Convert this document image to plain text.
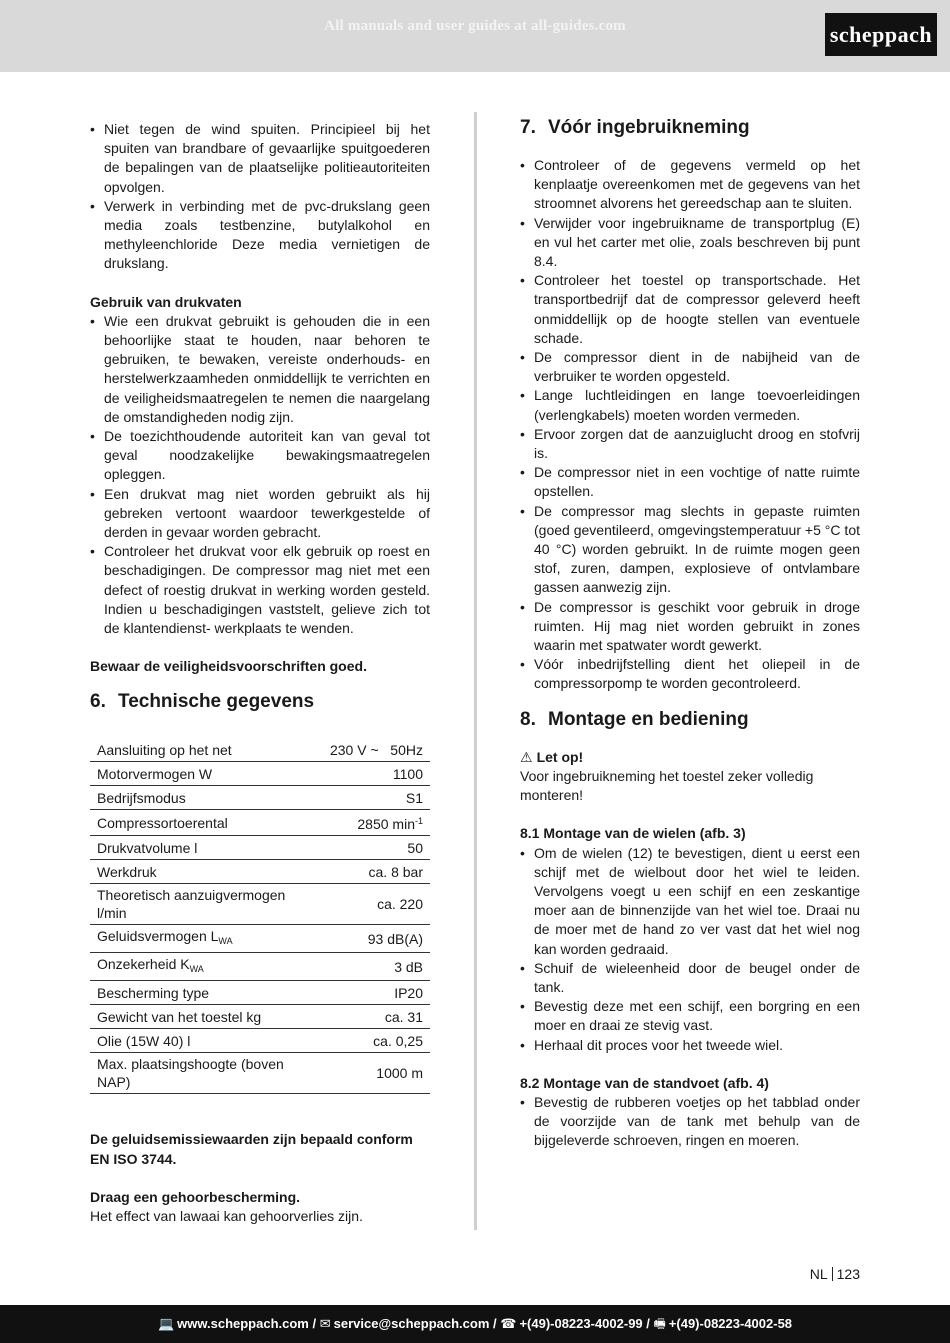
All manuals and user guides at all-guides.com	scheppach
• Niet tegen de wind spuiten. Principieel bij het spuiten van brandbare of gevaarlijke spuitgoederen de bepalingen van de plaatselijke politieautoriteiten opvolgen.
• Verwerk in verbinding met de pvc-drukslang geen media zoals testbenzine, butylalkohol en methyleenchloride Deze media vernietigen de drukslang.

Gebruik van drukvaten

• Wie een drukvat gebruikt is gehouden die in een behoorlijke staat te houden, naar behoren te gebruiken, te bewaken, vereiste onderhouds- en herstelwerkzaamheden onmiddellijk te verrichten en de veiligheidsmaatregelen te nemen die naargelang de omstandigheden nodig zijn.
• De toezichthoudende autoriteit kan van geval tot geval noodzakelijke bewakingsmaatregelen opleggen.
• Een drukvat mag niet worden gebruikt als hij gebreken vertoont waardoor tewerkgestelde of derden in gevaar worden gebracht.
• Controleer het drukvat voor elk gebruik op roest en beschadigingen. De compressor mag niet met een defect of roestig drukvat in werking worden gesteld. Indien u beschadigingen vaststelt, gelieve zich tot de klantendienst- werkplaats te wenden.

Bewaar de veiligheidsvoorschriften goed.

6. Technische gegevens
Aansluiting op het net	230 V ~   50Hz
Motorvermogen W	1100
Bedrijfsmodus	S1
Compressortoerental	2850 $\min^{-1}$
Drukvatvolume l	50
Werkdruk	ca. 8 bar
Theoretisch aanzuigvermogen l/min	ca. 220
Geluidsvermogen $L_{WA}$	93 dB(A)
Onzekerheid $K_{WA}$	3 dB
Bescherming type	IP20
Gewicht van het toestel kg	ca. 31
Olie (15W 40) l	ca. 0,25
Max. plaatsingshoogte (boven NAP)	1000 m

De geluidsemissiewaarden zijn bepaald conform EN ISO 3744.

Draag een gehoorbescherming.

Het effect van lawaai kan gehoorverlies zijn.

7. Vóór ingebruikneming
• Controleer of de gegevens vermeld op het kenplaatje overeenkomen met de gegevens van het stroomnet alvorens het gereedschap aan te sluiten.
• Verwijder voor ingebruikname de transportplug (E) en vul het carter met olie, zoals beschreven bij punt 8.4.
• Controleer het toestel op transportschade. Het transportbedrijf dat de compressor geleverd heeft onmiddellijk op de hoogte stellen van eventuele schade.
• De compressor dient in de nabijheid van de verbruiker te worden opgesteld.
• Lange luchtleidingen en lange toevoerleidingen (verlengkabels) moeten worden vermeden.
• Ervoor zorgen dat de aanzuiglucht droog en stofvrij is.
• De compressor niet in een vochtige of natte ruimte opstellen.
• De compressor mag slechts in gepaste ruimten (goed geventileerd, omgevingstemperatuur +5 °C tot 40 °C) worden gebruikt. In de ruimte mogen geen stof, zuren, dampen, explosieve of ontvlambare gassen aanwezig zijn.
• De compressor is geschikt voor gebruik in droge ruimten. Hij mag niet worden gebruikt in zones waarin met spatwater wordt gewerkt.
• Vóór inbedrijfstelling dient het oliepeil in de compressorpomp te worden gecontroleerd.
8. Montage en bediening

⚠ Let op!

Voor ingebruikneming het toestel zeker volledig monteren!

8.1 Montage van de wielen (afb. 3)

• Om de wielen (12) te bevestigen, dient u eerst een schijf met de wielbout door het wiel te leiden. Vervolgens voegt u een schijf en een zeskantige moer aan de binnenzijde van het wiel toe. Draai nu de moer met de hand zo ver vast dat het wiel nog kan worden gedraaid.
• Schuif de wieleenheid door de beugel onder de tank.
• Bevestig deze met een schijf, een borgring en een moer en draai ze stevig vast.
• Herhaal dit proces voor het tweede wiel.

8.2 Montage van de standvoet (afb. 4)

• Bevestig de rubberen voetjes op het tabblad onder de voorzijde van de tank met behulp van de bijgeleverde schroeven, ringen en moeren.
NL 123
💻 www.scheppach.com /
✉ service@scheppach.com /
☎ +(49)-08223-4002-99 /
🖷 +(49)-08223-4002-58
